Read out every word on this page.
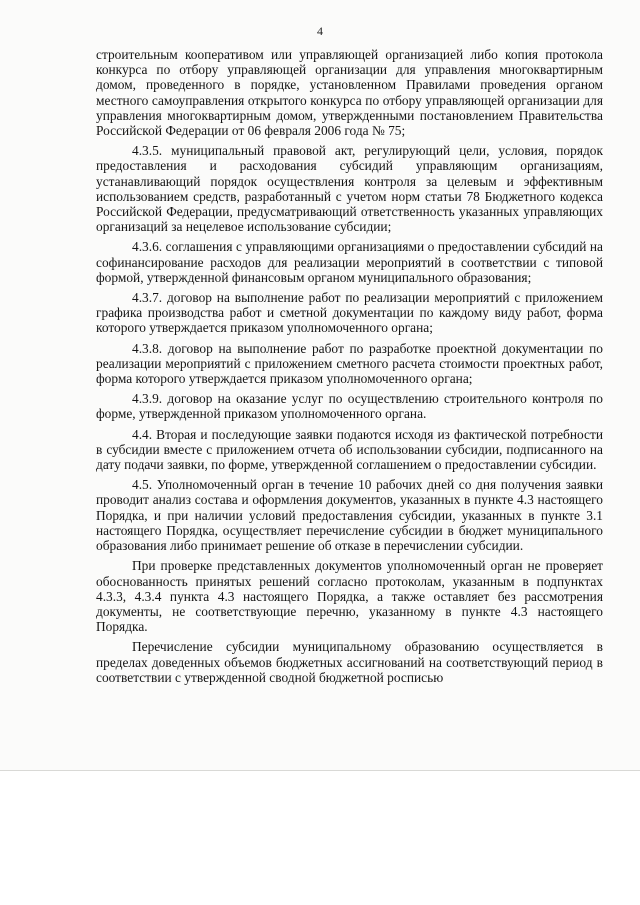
4

строительным кооперативом или управляющей организацией либо копия протокола конкурса по отбору управляющей организации для управления многоквартирным домом, проведенного в порядке, установленном Правилами проведения органом местного самоуправления открытого конкурса по отбору управляющей организации для управления многоквартирным домом, утвержденными постановлением Правительства Российской Федерации от 06 февраля 2006 года № 75;

4.3.5. муниципальный правовой акт, регулирующий цели, условия, порядок предоставления и расходования субсидий управляющим организациям, устанавливающий порядок осуществления контроля за целевым и эффективным использованием средств, разработанный с учетом норм статьи 78 Бюджетного кодекса Российской Федерации, предусматривающий ответственность указанных управляющих организаций за нецелевое использование субсидии;

4.3.6. соглашения с управляющими организациями о предоставлении субсидий на софинансирование расходов для реализации мероприятий в соответствии с типовой формой, утвержденной финансовым органом муниципального образования;

4.3.7. договор на выполнение работ по реализации мероприятий с приложением графика производства работ и сметной документации по каждому виду работ, форма которого утверждается приказом уполномоченного органа;

4.3.8. договор на выполнение работ по разработке проектной документации по реализации мероприятий с приложением сметного расчета стоимости проектных работ, форма которого утверждается приказом уполномоченного органа;

4.3.9. договор на оказание услуг по осуществлению строительного контроля по форме, утвержденной приказом уполномоченного органа.

4.4. Вторая и последующие заявки подаются исходя из фактической потребности в субсидии вместе с приложением отчета об использовании субсидии, подписанного на дату подачи заявки, по форме, утвержденной соглашением о предоставлении субсидии.

4.5. Уполномоченный орган в течение 10 рабочих дней со дня получения заявки проводит анализ состава и оформления документов, указанных в пункте 4.3 настоящего Порядка, и при наличии условий предоставления субсидии, указанных в пункте 3.1 настоящего Порядка, осуществляет перечисление субсидии в бюджет муниципального образования либо принимает решение об отказе в перечислении субсидии.

При проверке представленных документов уполномоченный орган не проверяет обоснованность принятых решений согласно протоколам, указанным в подпунктах 4.3.3, 4.3.4 пункта 4.3 настоящего Порядка, а также оставляет без рассмотрения документы, не соответствующие перечню, указанному в пункте 4.3 настоящего Порядка.

Перечисление субсидии муниципальному образованию осуществляется в пределах доведенных объемов бюджетных ассигнований на соответствующий период в соответствии с утвержденной сводной бюджетной росписью
